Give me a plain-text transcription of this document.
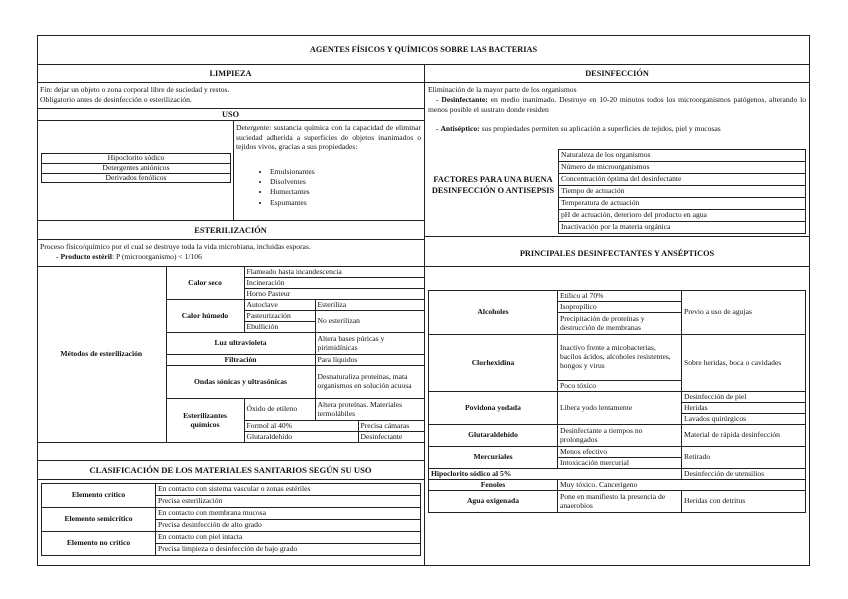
AGENTES FÍSICOS Y QUÍMICOS SOBRE LAS BACTERIAS
LIMPIEZA
Fin: dejar un objeto o zona corporal libre de suciedad y restos.
Obligatorio antes de desinfección o esterilización.
USO
Hipoclorito sódico
Detergentes aniónicos
Derivados fenólicos
Detergente: sustancia química con la capacidad de eliminar suciedad adherida a superficies de objetos inanimados o tejidos vivos, gracias a sus propiedades:
• Emulsionantes
• Disolventes
• Humectantes
• Espumantes
ESTERILIZACIÓN
Proceso físico/químico por el cual se destruye toda la vida microbiana, incluidas esporas.
- Producto estéril: P (microorganismo) < 1/106
Métodos de esterilización	Calor seco	Flameado hasta incandescencia		
		Incineración		
		Horno Pasteur		
	Calor húmedo	Autoclave	Esteriliza	
		Pasteurización	No esterilizan	
		Ebullición		
	Luz ultravioleta		Altera bases púricas y pirimidínicas	
	Filtración		Para líquidos	
	Ondas sónicas y ultrasónicas		Desnaturaliza proteínas, mata organismos en solución acuosa	
	Esterilizantes químicos	Óxido de etileno	Altera proteínas. Materiales termolábiles	
		Formol al 40%		Precisa cámaras
		Glutaraldehído		Desinfectante
CLASIFICACIÓN DE LOS MATERIALES SANITARIOS SEGÚN SU USO
Elemento crítico	En contacto con sistema vascular o zonas estériles
	Precisa esterilización
Elemento semicrítico	En contacto con membrana mucosa
	Precisa desinfección de alto grado
Elemento no crítico	En contacto con piel intacta
	Precisa limpieza o desinfección de bajo grado
DESINFECCIÓN
Eliminación de la mayor parte de los organismos
- Desinfectante: en medio inanimado. Destruye en 10-20 minutos todos los microorganismos patógenos, alterando lo menos posible el sustrato donde residen
- Antiséptico: sus propiedades permiten su aplicación a superficies de tejidos, piel y mucosas
FACTORES PARA UNA BUENA DESINFECCIÓN O ANTISEPSIS
Naturaleza de los organismos
Número de microorganismos
Concentración óptima del desinfectante
Tiempo de actuación
Temperatura de actuación
pH de actuación, deterioro del producto en agua
Inactivación por la materia orgánica
PRINCIPALES DESINFECTANTES Y ANSÉPTICOS
Alcoholes	Etílico al 70%	Previo a uso de agujas
	Isopropílico	
	Precipitación de proteínas y destrucción de membranas	
Clorhexidina	Inactivo frente a micobacterias, bacilos ácidos, alcoholes resistentes, hongos y virus	Sobre heridas, boca o cavidades
	Poco tóxico	
Povidona yodada	Libera yodo lentamente	Desinfección de piel
		Heridas
		Lavados quirúrgicos
Glutaraldehído	Desinfectante a tiempos no prolongados	Material de rápida desinfección
Mercuriales	Menos efectivo	Retirado
	Intoxicación mercurial	
Hipoclorito sódico al 5%		Desinfección de utensilios
Fenoles	Muy tóxico. Cancerígeno	
Agua oxigenada	Pone en manifiesto la presencia de anaerobios	Heridas con detritus
